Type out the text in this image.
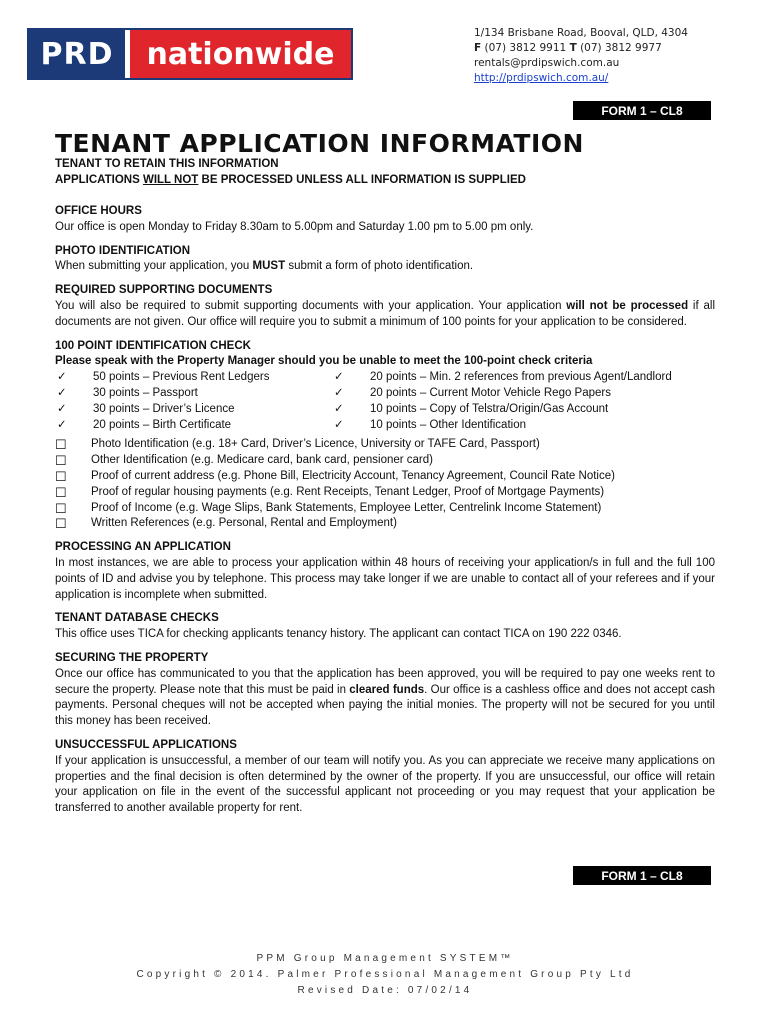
PRD	nationwide
1/134 Brisbane Road, Booval, QLD, 4304
F (07) 3812 9911 T (07) 3812 9977
rentals@prdipswich.com.au
http://prdipswich.com.au/
FORM 1 – CL8
TENANT APPLICATION INFORMATION
TENANT TO RETAIN THIS INFORMATION
APPLICATIONS WILL NOT BE PROCESSED UNLESS ALL INFORMATION IS SUPPLIED
OFFICE HOURS

Our office is open Monday to Friday 8.30am to 5.00pm and Saturday 1.00 pm to 5.00 pm only.

PHOTO IDENTIFICATION

When submitting your application, you MUST submit a form of photo identification.

REQUIRED SUPPORTING DOCUMENTS

You will also be required to submit supporting documents with your application. Your application will not be processed if all documents are not given. Our office will require you to submit a minimum of 100 points for your application to be considered.

100 POINT IDENTIFICATION CHECK
Please speak with the Property Manager should you be unable to meet the 100-point check criteria
✓	50 points – Previous Rent Ledgers	✓	20 points – Min. 2 references from previous Agent/Landlord
✓	30 points – Passport	✓	20 points – Current Motor Vehicle Rego Papers
✓	30 points – Driver’s Licence	✓	10 points – Copy of Telstra/Origin/Gas Account
✓	20 points – Birth Certificate	✓	10 points – Other Identification
☐	Photo Identification (e.g. 18+ Card, Driver’s Licence, University or TAFE Card, Passport)
☐	Other Identification (e.g. Medicare card, bank card, pensioner card)
☐	Proof of current address (e.g. Phone Bill, Electricity Account, Tenancy Agreement, Council Rate Notice)
☐	Proof of regular housing payments (e.g. Rent Receipts, Tenant Ledger, Proof of Mortgage Payments)
☐	Proof of Income (e.g. Wage Slips, Bank Statements, Employee Letter, Centrelink Income Statement)
☐	Written References (e.g. Personal, Rental and Employment)
PROCESSING AN APPLICATION

In most instances, we are able to process your application within 48 hours of receiving your application/s in full and the full 100 points of ID and advise you by telephone. This process may take longer if we are unable to contact all of your referees and if your application is incomplete when submitted.

TENANT DATABASE CHECKS

This office uses TICA for checking applicants tenancy history. The applicant can contact TICA on 190 222 0346.

SECURING THE PROPERTY

Once our office has communicated to you that the application has been approved, you will be required to pay one weeks rent to secure the property. Please note that this must be paid in cleared funds. Our office is a cashless office and does not accept cash payments. Personal cheques will not be accepted when paying the initial monies. The property will not be secured for you until this money has been received.

UNSUCCESSFUL APPLICATIONS

If your application is unsuccessful, a member of our team will notify you. As you can appreciate we receive many applications on properties and the final decision is often determined by the owner of the property. If you are unsuccessful, our office will retain your application on file in the event of the successful applicant not proceeding or you may request that your application be transferred to another available property for rent.

FORM 1 – CL8
PPM Group Management SYSTEM™
Copyright © 2014. Palmer Professional Management Group Pty Ltd
Revised Date: 07/02/14
